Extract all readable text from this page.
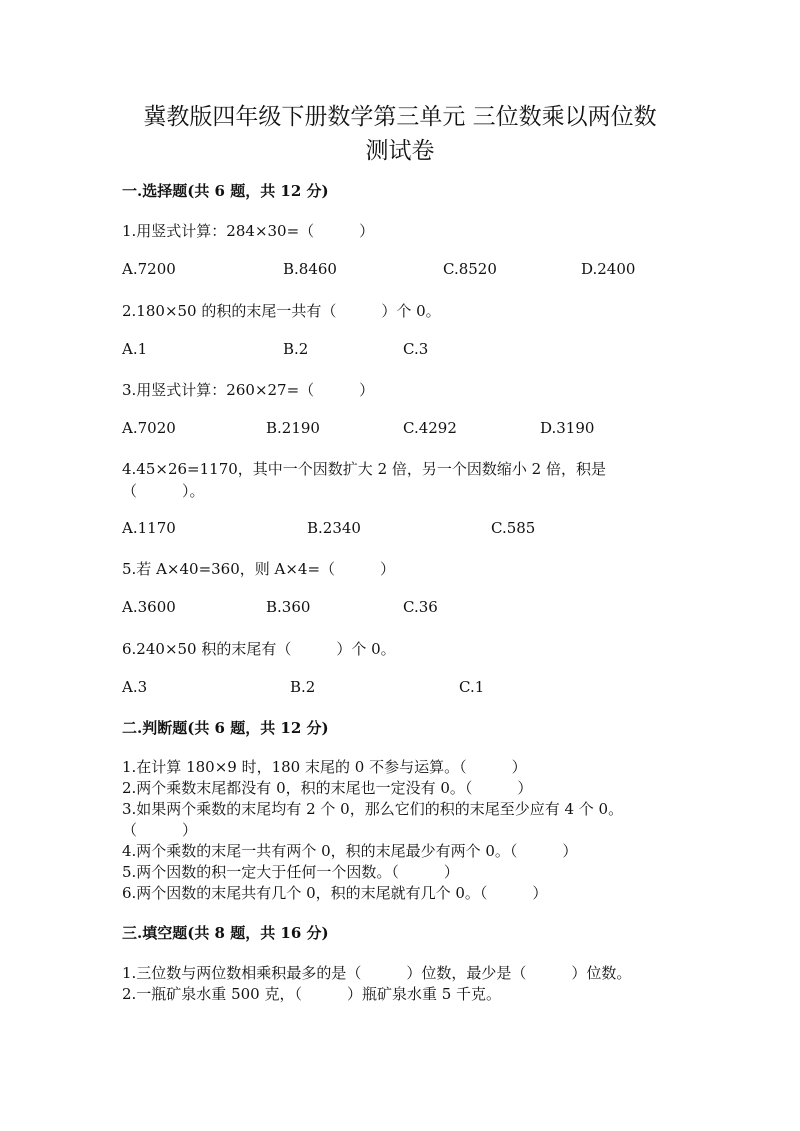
冀教版四年级下册数学第三单元 三位数乘以两位数
测试卷
一.选择题(共 6 题，共 12 分)
1.用竖式计算：284×30=（　　　）
A.7200	B.8460	C.8520	D.2400
2.180×50 的积的末尾一共有（　　　）个 0。
A.1	B.2	C.3
3.用竖式计算：260×27=（　　　）
A.7020	B.2190	C.4292	D.3190
4.45×26=1170，其中一个因数扩大 2 倍，另一个因数缩小 2 倍，积是
（　　　）。
A.1170	B.2340	C.585
5.若 A×40=360，则 A×4=（　　　）
A.3600	B.360	C.36
6.240×50 积的末尾有（　　　）个 0。
A.3	B.2	C.1
二.判断题(共 6 题，共 12 分)
1.在计算 180×9 时，180 末尾的 0 不参与运算。（　　　）
2.两个乘数末尾都没有 0，积的末尾也一定没有 0。（　　　）
3.如果两个乘数的末尾均有 2 个 0，那么它们的积的末尾至少应有 4 个 0。
（　　　）
4.两个乘数的末尾一共有两个 0，积的末尾最少有两个 0。（　　　）
5.两个因数的积一定大于任何一个因数。（　　　）
6.两个因数的末尾共有几个 0，积的末尾就有几个 0。（　　　）
三.填空题(共 8 题，共 16 分)
1.三位数与两位数相乘积最多的是（　　　）位数，最少是（　　　）位数。
2.一瓶矿泉水重 500 克，（　　　）瓶矿泉水重 5 千克。
